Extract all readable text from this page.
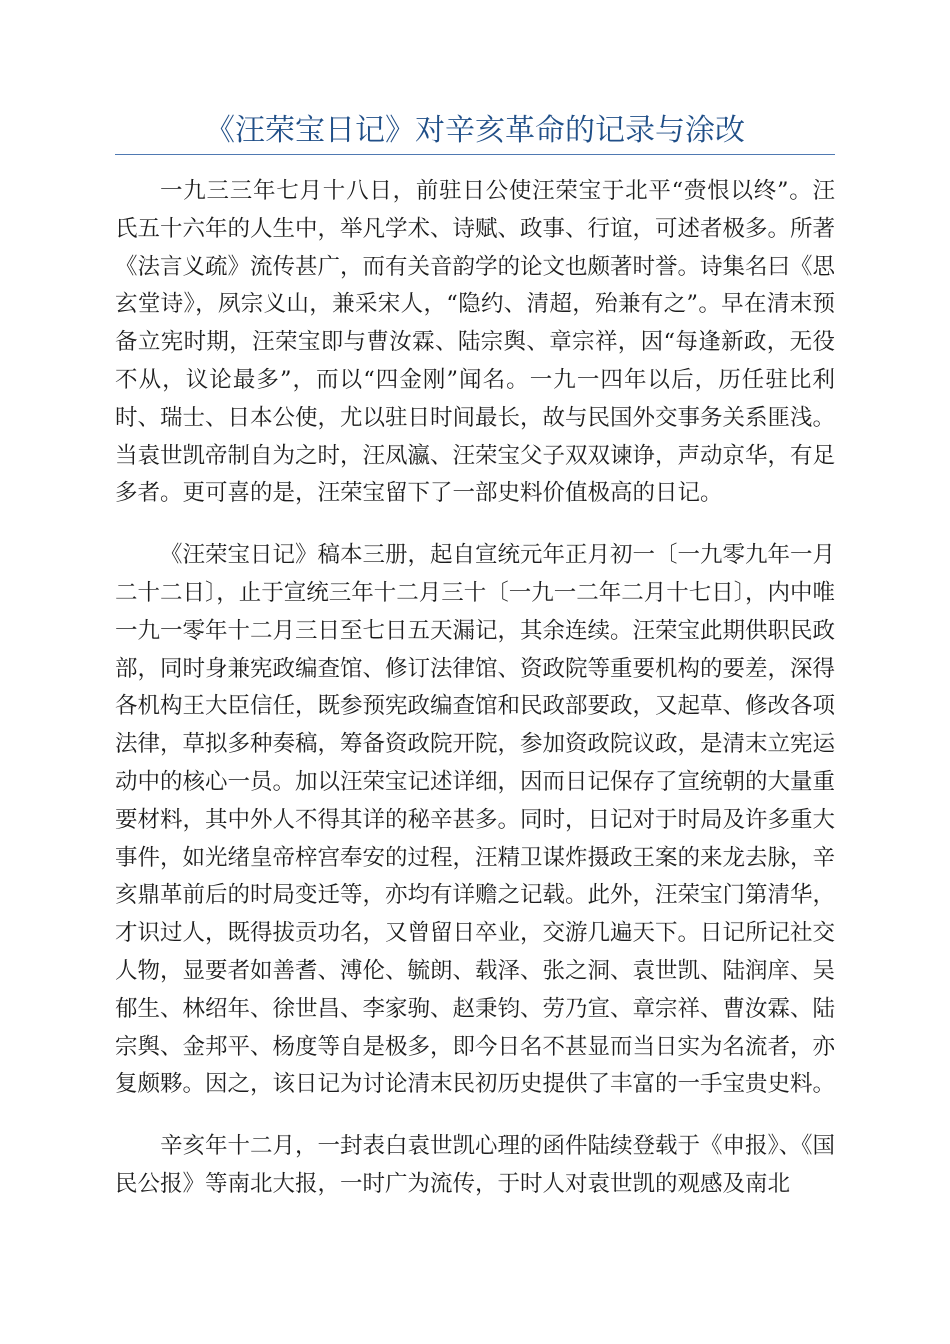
《汪荣宝日记》对辛亥革命的记录与涂改

一九三三年七月十八日，前驻日公使汪荣宝于北平“赍恨以终”。汪氏五十六年的人生中，举凡学术、诗赋、政事、行谊，可述者极多。所著《法言义疏》流传甚广，而有关音韵学的论文也颇著时誉。诗集名曰《思玄堂诗》，夙宗义山，兼采宋人，“隐约、清超，殆兼有之”。早在清末预备立宪时期，汪荣宝即与曹汝霖、陆宗舆、章宗祥，因“每逢新政，无役不从，议论最多”，而以“四金刚”闻名。一九一四年以后，历任驻比利时、瑞士、日本公使，尤以驻日时间最长，故与民国外交事务关系匪浅。当袁世凯帝制自为之时，汪凤瀛、汪荣宝父子双双谏诤，声动京华，有足多者。更可喜的是，汪荣宝留下了一部史料价值极高的日记。

《汪荣宝日记》稿本三册，起自宣统元年正月初一〔一九零九年一月二十二日〕，止于宣统三年十二月三十〔一九一二年二月十七日〕，内中唯一九一零年十二月三日至七日五天漏记，其余连续。汪荣宝此期供职民政部，同时身兼宪政编查馆、修订法律馆、资政院等重要机构的要差，深得各机构王大臣信任，既参预宪政编查馆和民政部要政，又起草、修改各项法律，草拟多种奏稿，筹备资政院开院，参加资政院议政，是清末立宪运动中的核心一员。加以汪荣宝记述详细，因而日记保存了宣统朝的大量重要材料，其中外人不得其详的秘辛甚多。同时，日记对于时局及许多重大事件，如光绪皇帝梓宫奉安的过程，汪精卫谋炸摄政王案的来龙去脉，辛亥鼎革前后的时局变迁等，亦均有详赡之记载。此外，汪荣宝门第清华，才识过人，既得拔贡功名，又曾留日卒业，交游几遍天下。日记所记社交人物，显要者如善耆、溥伦、毓朗、载泽、张之洞、袁世凯、陆润庠、吴郁生、林绍年、徐世昌、李家驹、赵秉钧、劳乃宣、章宗祥、曹汝霖、陆宗舆、金邦平、杨度等自是极多，即今日名不甚显而当日实为名流者，亦复颇夥。因之，该日记为讨论清末民初历史提供了丰富的一手宝贵史料。

辛亥年十二月，一封表白袁世凯心理的函件陆续登载于《申报》、《国民公报》等南北大报，一时广为流传，于时人对袁世凯的观感及南北
